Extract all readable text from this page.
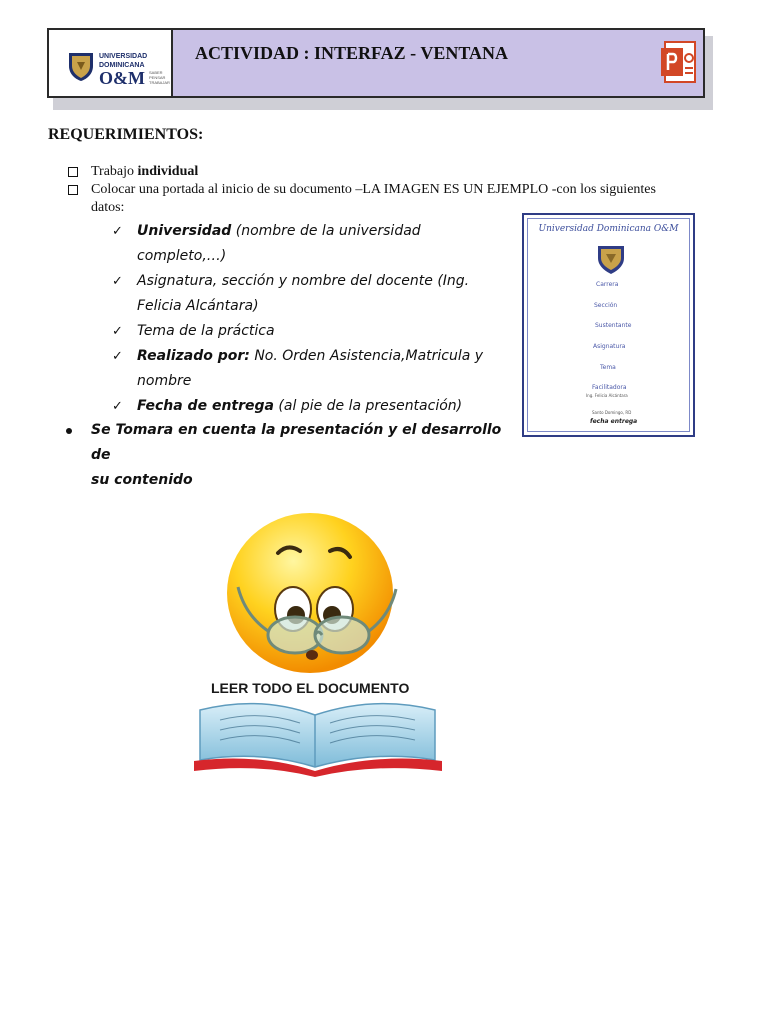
UNIVERSIDAD
DOMINICANA
O&M SABER
PENSAR
TRABAJAR
ACTIVIDAD : INTERFAZ - VENTANA
REQUERIMIENTOS:
Trabajo individual
Colocar una portada al inicio de su documento –LA IMAGEN ES UN EJEMPLO -con los siguientes
datos:
✓ Universidad (nombre de la universidad completo,…)
✓ Asignatura, sección y nombre del docente (Ing.
Felicia Alcántara)
✓ Tema de la práctica
✓ Realizado por: No. Orden Asistencia,Matricula y
nombre
✓ Fecha de entrega (al pie de la presentación)
Se Tomara en cuenta la presentación y el desarrollo de
su contenido
Universidad Dominicana O&M
Carrera
Sección
Sustentante
Asignatura
Tema
Facilitadora
Ing. Felicia Alcántara
Santo Domingo, RD
fecha entrega
LEER TODO EL DOCUMENTO
